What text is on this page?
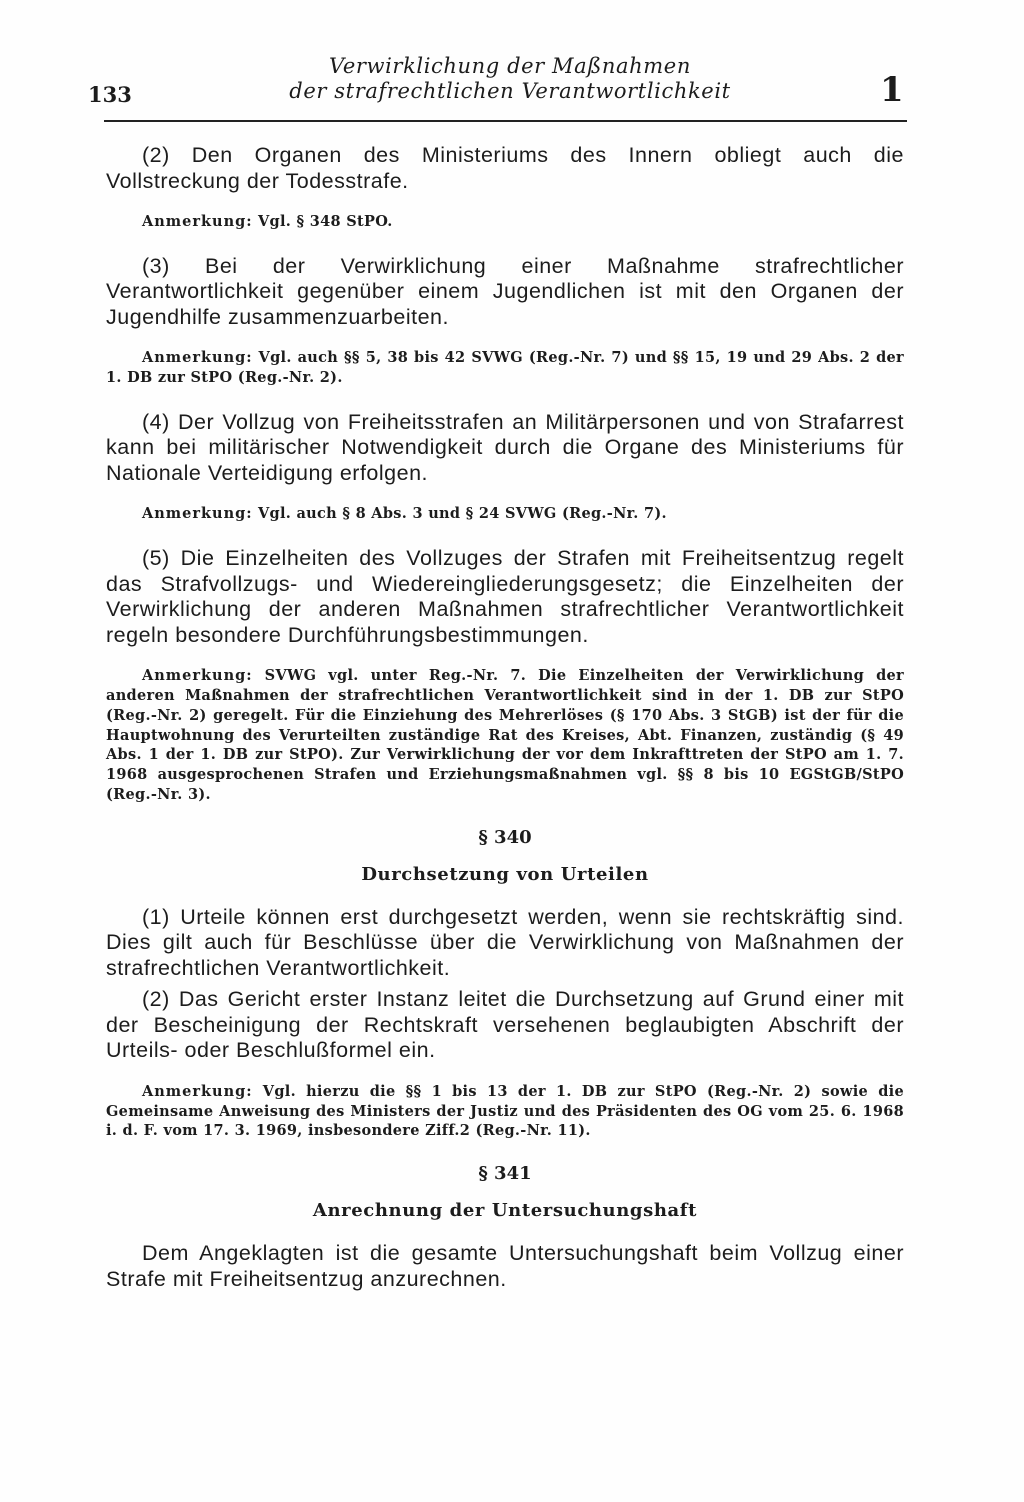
133
Verwirklichung der Maßnahmen
der strafrechtlichen Verantwortlichkeit	1

(2) Den Organen des Ministeriums des Innern obliegt auch die Vollstreckung der Todesstrafe.

Anmerkung: Vgl. § 348 StPO.

(3) Bei der Verwirklichung einer Maßnahme strafrechtlicher Verantwortlichkeit gegenüber einem Jugendlichen ist mit den Organen der Jugendhilfe zusammenzuarbeiten.

Anmerkung: Vgl. auch §§ 5, 38 bis 42 SVWG (Reg.-Nr. 7) und §§ 15, 19 und 29 Abs. 2 der 1. DB zur StPO (Reg.-Nr. 2).

(4) Der Vollzug von Freiheitsstrafen an Militärpersonen und von Strafarrest kann bei militärischer Notwendigkeit durch die Organe des Ministeriums für Nationale Verteidigung erfolgen.

Anmerkung: Vgl. auch § 8 Abs. 3 und § 24 SVWG (Reg.-Nr. 7).

(5) Die Einzelheiten des Vollzuges der Strafen mit Freiheitsentzug regelt das Strafvollzugs- und Wiedereingliederungsgesetz; die Einzelheiten der Verwirklichung der anderen Maßnahmen strafrechtlicher Verantwortlichkeit regeln besondere Durchführungsbestimmungen.

Anmerkung: SVWG vgl. unter Reg.-Nr. 7. Die Einzelheiten der Verwirklichung der anderen Maßnahmen der strafrechtlichen Verantwortlichkeit sind in der 1. DB zur StPO (Reg.-Nr. 2) geregelt. Für die Einziehung des Mehrerlöses (§ 170 Abs. 3 StGB) ist der für die Hauptwohnung des Verurteilten zuständige Rat des Kreises, Abt. Finanzen, zuständig (§ 49 Abs. 1 der 1. DB zur StPO). Zur Verwirklichung der vor dem Inkrafttreten der StPO am 1. 7. 1968 ausgesprochenen Strafen und Erziehungsmaßnahmen vgl. §§ 8 bis 10 EGStGB/StPO (Reg.-Nr. 3).

§ 340
Durchsetzung von Urteilen

(1) Urteile können erst durchgesetzt werden, wenn sie rechtskräftig sind. Dies gilt auch für Beschlüsse über die Verwirklichung von Maßnahmen der strafrechtlichen Verantwortlichkeit.

(2) Das Gericht erster Instanz leitet die Durchsetzung auf Grund einer mit der Bescheinigung der Rechtskraft versehenen beglaubigten Abschrift der Urteils- oder Beschlußformel ein.

Anmerkung: Vgl. hierzu die §§ 1 bis 13 der 1. DB zur StPO (Reg.-Nr. 2) sowie die Gemeinsame Anweisung des Ministers der Justiz und des Präsidenten des OG vom 25. 6. 1968 i. d. F. vom 17. 3. 1969, insbesondere Ziff.2 (Reg.-Nr. 11).

§ 341
Anrechnung der Untersuchungshaft

Dem Angeklagten ist die gesamte Untersuchungshaft beim Vollzug einer Strafe mit Freiheitsentzug anzurechnen.
